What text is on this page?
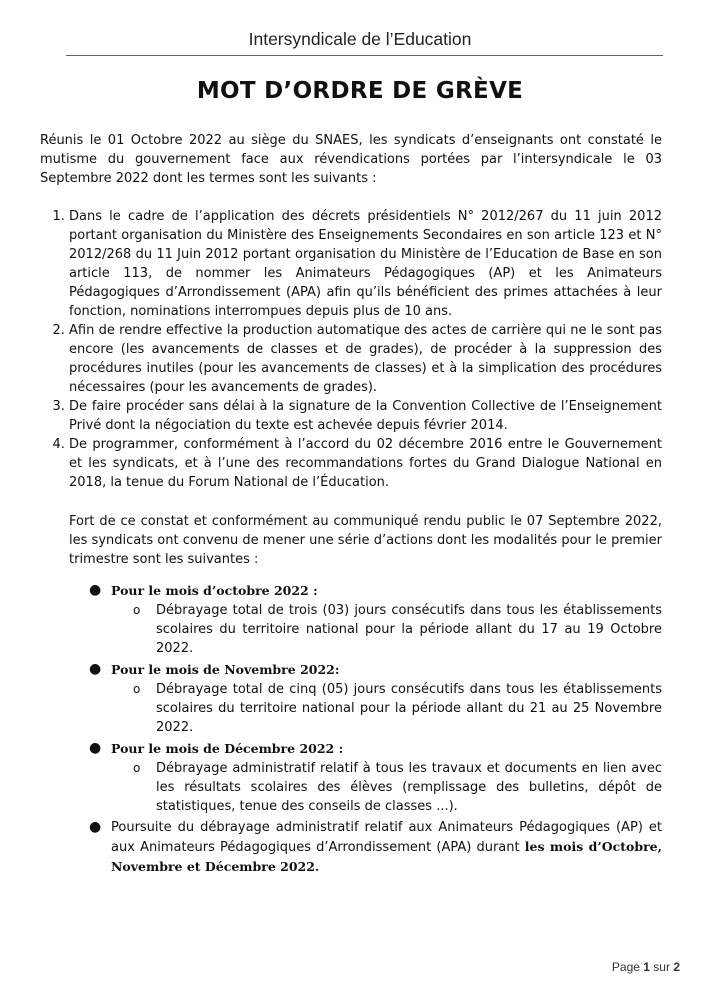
Intersyndicale de l’Education
MOT D’ORDRE DE GRÈVE

Réunis le 01 Octobre 2022 au siège du SNAES, les syndicats d’enseignants ont constaté le mutisme du gouvernement face aux révendications portées par l’intersyndicale le 03 Septembre 2022 dont les termes sont les suivants :

1. Dans le cadre de l’application des décrets présidentiels N° 2012/267 du 11 juin 2012 portant organisation du Ministère des Enseignements Secondaires en son article 123 et N° 2012/268 du 11 Juin 2012 portant organisation du Ministère de l’Education de Base en son article 113, de nommer les Animateurs Pédagogiques (AP) et les Animateurs Pédagogiques d’Arrondissement (APA) afin qu’ils bénéficient des primes attachées à leur fonction, nominations interrompues depuis plus de 10 ans.
2. Afin de rendre effective la production automatique des actes de carrière qui ne le sont pas encore (les avancements de classes et de grades), de procéder à la suppression des procédures inutiles (pour les avancements de classes) et à la simplication des procédures nécessaires (pour les avancements de grades).
3. De faire procéder sans délai à la signature de la Convention Collective de l’Enseignement Privé dont la négociation du texte est achevée depuis février 2014.
4. De programmer, conformément à l’accord du 02 décembre 2016 entre le Gouvernement et les syndicats, et à l’une des recommandations fortes du Grand Dialogue National en 2018, la tenue du Forum National de l’Éducation.

Fort de ce constat et conformément au communiqué rendu public le 07 Septembre 2022, les syndicats ont convenu de mener une série d’actions dont les modalités pour le premier trimestre sont les suivantes :

● Pour le mois d’octobre 2022 :
o Débrayage total de trois (03) jours consécutifs dans tous les établissements scolaires du territoire national pour la période allant du 17 au 19 Octobre 2022.
● Pour le mois de Novembre 2022:
o Débrayage total de cinq (05) jours consécutifs dans tous les établissements scolaires du territoire national pour la période allant du 21 au 25 Novembre 2022.
● Pour le mois de Décembre 2022 :
o Débrayage administratif relatif à tous les travaux et documents en lien avec les résultats scolaires des élèves (remplissage des bulletins, dépôt de statistiques, tenue des conseils de classes ...).
● Poursuite du débrayage administratif relatif aux Animateurs Pédagogiques (AP) et aux Animateurs Pédagogiques d’Arrondissement (APA) durant les mois d’Octobre, Novembre et Décembre 2022.
Page 1 sur 2
